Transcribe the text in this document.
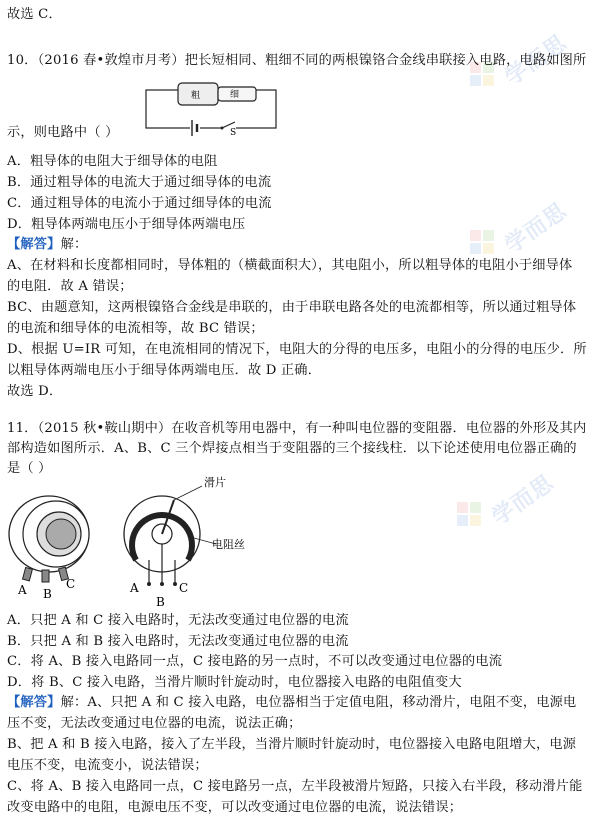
学而思
学而思
学而思
故选 C．
10．（2016 春•敦煌市月考）把长短相同、粗细不同的两根镍铬合金线串联接入电路，电路如图所
粗	细
S
示，则电路中（ ）
A．粗导体的电阻大于细导体的电阻
B．通过粗导体的电流大于通过细导体的电流
C．通过粗导体的电流小于通过细导体的电流
D．粗导体两端电压小于细导体两端电压
【解答】解：
A、在材料和长度都相同时，导体粗的（横截面积大），其电阻小，所以粗导体的电阻小于细导体
的电阻．故 A 错误；
BC、由题意知，这两根镍铬合金线是串联的，由于串联电路各处的电流都相等，所以通过粗导体
的电流和细导体的电流相等，故 BC 错误；
D、根据 U=IR 可知，在电流相同的情况下，电阻大的分得的电压多，电阻小的分得的电压少．所
以粗导体两端电压小于细导体两端电压．故 D 正确．
故选 D．
11．（2015 秋•鞍山期中）在收音机等用电器中，有一种叫电位器的变阻器．电位器的外形及其内
部构造如图所示．A、B、C 三个焊接点相当于变阻器的三个接线柱．以下论述使用电位器正确的
是（ ）
A B
C
滑片
电阻丝
A
B
C
A．只把 A 和 C 接入电路时，无法改变通过电位器的电流
B．只把 A 和 B 接入电路时，无法改变通过电位器的电流
C．将 A、B 接入电路同一点，C 接电路的另一点时，不可以改变通过电位器的电流
D．将 B、C 接入电路，当滑片顺时针旋动时，电位器接入电路的电阻值变大
【解答】解：A、只把 A 和 C 接入电路，电位器相当于定值电阻，移动滑片，电阻不变，电源电
压不变，无法改变通过电位器的电流，说法正确；
B、把 A 和 B 接入电路，接入了左半段，当滑片顺时针旋动时，电位器接入电路电阻增大，电源
电压不变，电流变小，说法错误；
C、将 A、B 接入电路同一点，C 接电路另一点，左半段被滑片短路，只接入右半段，移动滑片能
改变电路中的电阻，电源电压不变，可以改变通过电位器的电流，说法错误；
